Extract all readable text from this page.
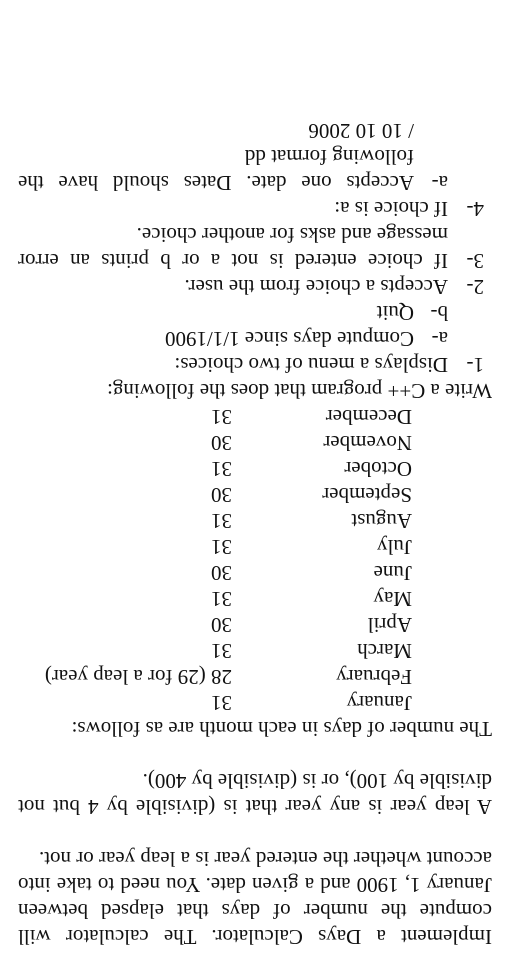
Implement a Days Calculator. The calculator will compute the number of days that elapsed between January 1, 1900 and a given date. You need to take into account whether the entered year is a leap year or not.

A leap year is any year that is (divisible by 4 but not divisible by 100), or is (divisible by 400).

The number of days in each month are as follows:

January	31
February	28 (29 for a leap year)
March	31
April	30
May	31
June	30
July	31
August	31
September	30
October	31
November	30
December	31

Write a C++ program that does the following:

1-
Displays a menu of two choices:
a-
Compute days since 1/1/1900
b-
Quit
2-
Accepts a choice from the user.
3-
If choice entered is not a or b prints an error message and asks for another choice.
4-
If choice is a:
a-
Accepts one date. Dates should have the following format dd
/ 10 10 2006
